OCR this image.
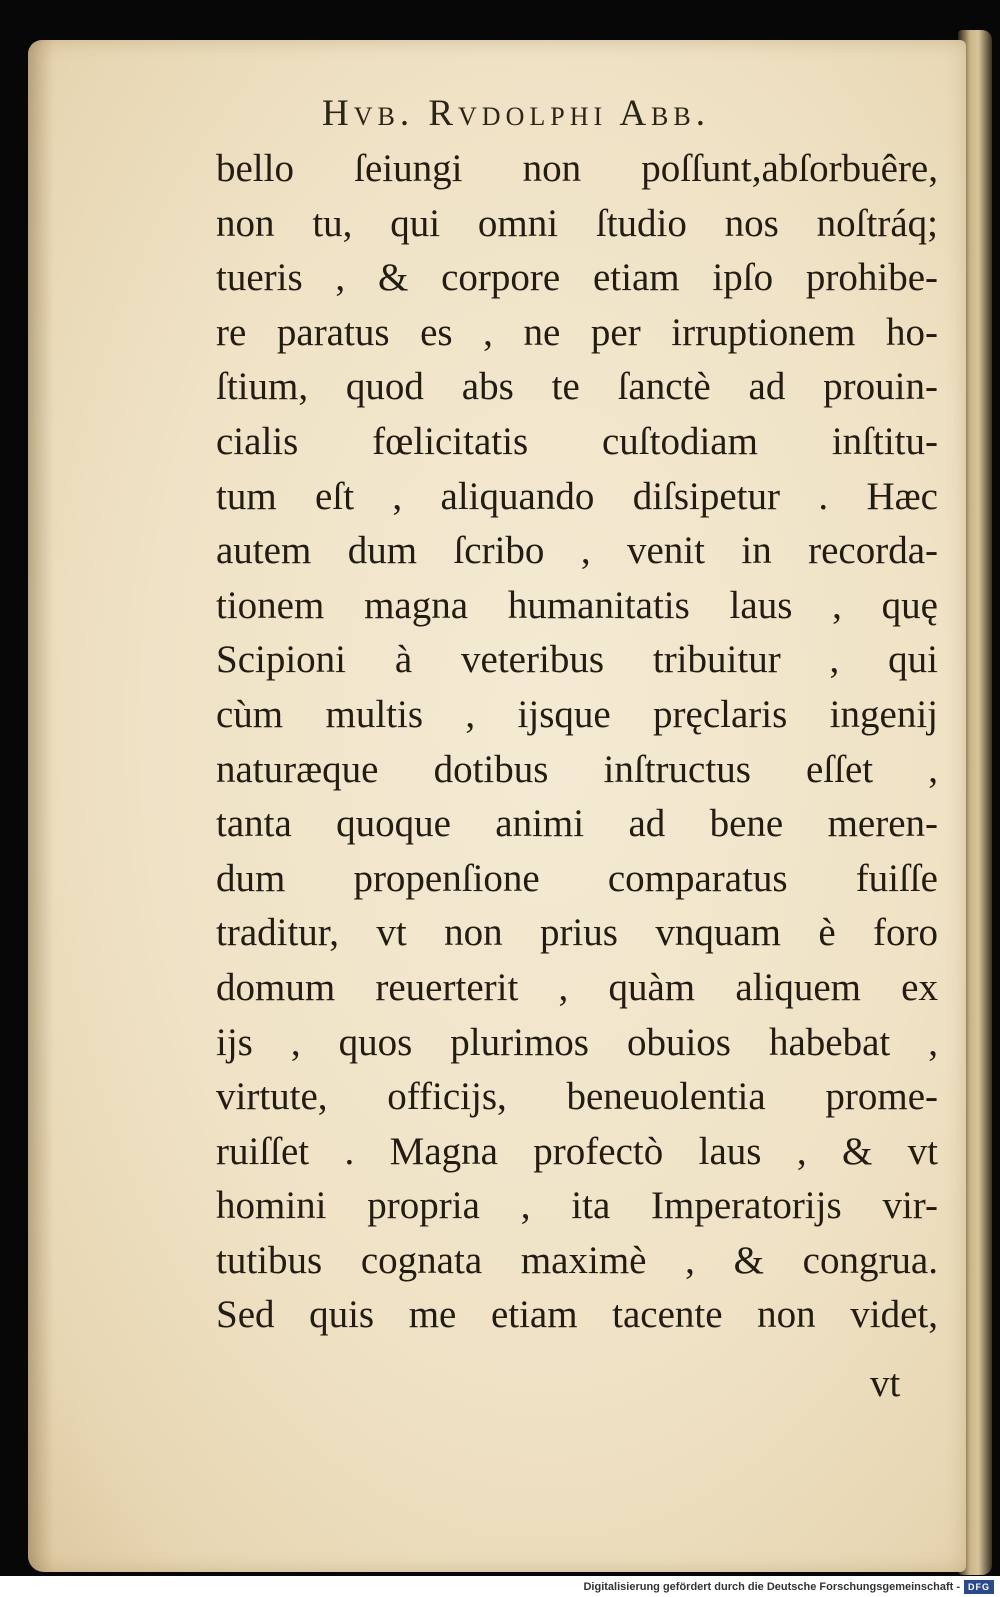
Hvb. Rvdolphi Abb.
bello ſeiungi non poſſunt,abſorbuêre,
non tu, qui omni ſtudio nos noſtráq;
tueris , & corpore etiam ipſo prohibe-
re paratus es , ne per irruptionem ho-
ſtium, quod abs te ſanctè ad prouin-
cialis fœlicitatis cuſtodiam inſtitu-
tum eſt , aliquando diſsipetur . Hæc
autem dum ſcribo , venit in recorda-
tionem magna humanitatis laus , quę
Scipioni à veteribus tribuitur , qui
cùm multis , ijsque pręclaris ingenij
naturæque dotibus inſtructus eſſet ,
tanta quoque animi ad bene meren-
dum propenſione comparatus fuiſſe
traditur, vt non prius vnquam è foro
domum reuerterit , quàm aliquem ex
ijs , quos plurimos obuios habebat ,
virtute, officijs, beneuolentia prome-
ruiſſet . Magna profectò laus , & vt
homini propria , ita Imperatorijs vir-
tutibus cognata maximè , & congrua.
Sed quis me etiam tacente non videt,
vt
Digitalisierung gefördert durch die Deutsche Forschungsgemeinschaft - DFG
